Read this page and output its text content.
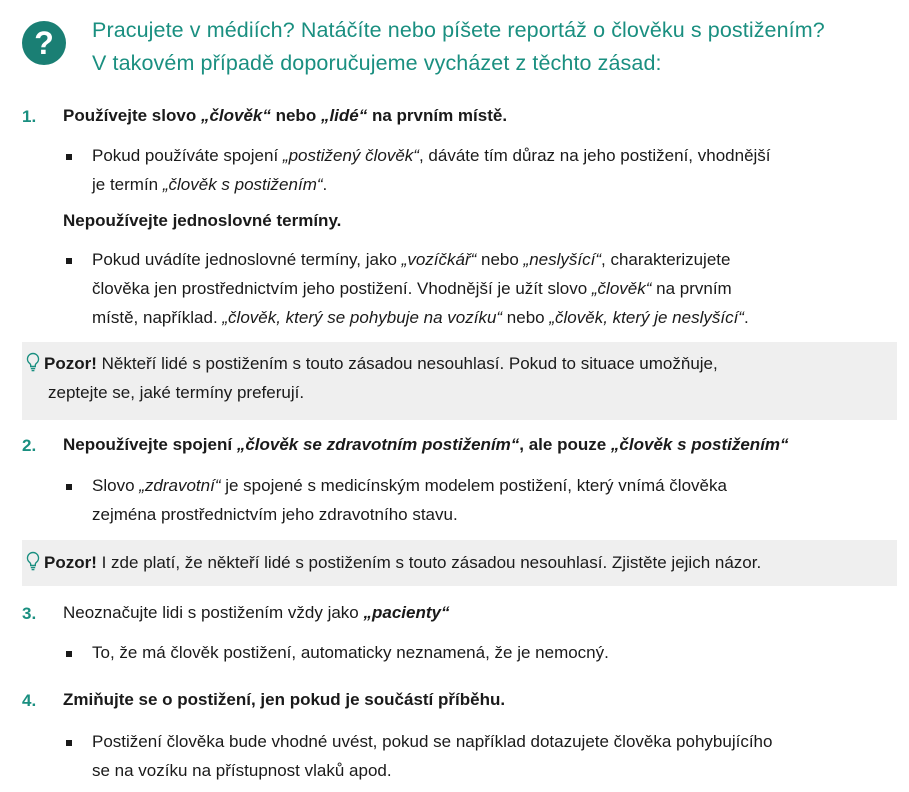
?	Pracujete v médiích? Natáčíte nebo píšete reportáž o člověku s postižením?
V takovém případě doporučujeme vycházet z těchto zásad:
1. Používejte slovo „člověk“ nebo „lidé“ na prvním místě.
Pokud používáte spojení „postižený člověk“, dáváte tím důraz na jeho postižení, vhodnější
je termín „člověk s postižením“.
Nepoužívejte jednoslovné termíny.
Pokud uvádíte jednoslovné termíny, jako „vozíčkář“ nebo „neslyšící“, charakterizujete
člověka jen prostřednictvím jeho postižení. Vhodnější je užít slovo „člověk“ na prvním
místě, například. „člověk, který se pohybuje na vozíku“ nebo „člověk, který je neslyšící“.
Pozor! Někteří lidé s postižením s touto zásadou nesouhlasí. Pokud to situace umožňuje,
zeptejte se, jaké termíny preferují.
2. Nepoužívejte spojení „člověk se zdravotním postižením“, ale pouze „člověk s postižením“
Slovo „zdravotní“ je spojené s medicínským modelem postižení, který vnímá člověka
zejména prostřednictvím jeho zdravotního stavu.
Pozor! I zde platí, že někteří lidé s postižením s touto zásadou nesouhlasí. Zjistěte jejich názor.
3. Neoznačujte lidi s postižením vždy jako „pacienty“
To, že má člověk postižení, automaticky neznamená, že je nemocný.
4. Zmiňujte se o postižení, jen pokud je součástí příběhu.
Postižení člověka bude vhodné uvést, pokud se například dotazujete člověka pohybujícího
se na vozíku na přístupnost vlaků apod.
